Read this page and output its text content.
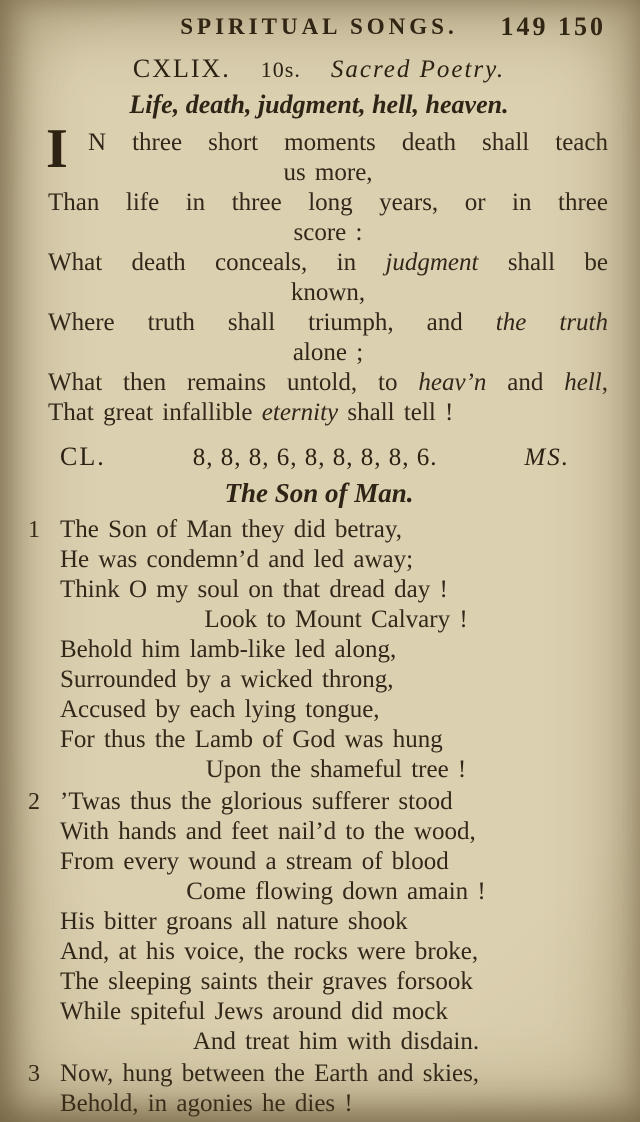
SPIRITUAL SONGS.	149 150
CXLIX. 10s. Sacred Poetry.
Life, death, judgment, hell, heaven.
I N three short moments death shall teach
us more,
Than life in three long years, or in three
score :
What death conceals, in judgment shall be
known,
Where truth shall triumph, and the truth
alone ;
What then remains untold, to heav’n and hell,
That great infallible eternity shall tell !
CL.	8, 8, 8, 6, 8, 8, 8, 8, 6.	MS.
The Son of Man.
1 The Son of Man they did betray,
He was condemn’d and led away;
Think O my soul on that dread day !
Look to Mount Calvary !
Behold him lamb-like led along,
Surrounded by a wicked throng,
Accused by each lying tongue,
For thus the Lamb of God was hung
Upon the shameful tree !
2 ’Twas thus the glorious sufferer stood
With hands and feet nail’d to the wood,
From every wound a stream of blood
Come flowing down amain !
His bitter groans all nature shook
And, at his voice, the rocks were broke,
The sleeping saints their graves forsook
While spiteful Jews around did mock
And treat him with disdain.
3 Now, hung between the Earth and skies,
Behold, in agonies he dies !
